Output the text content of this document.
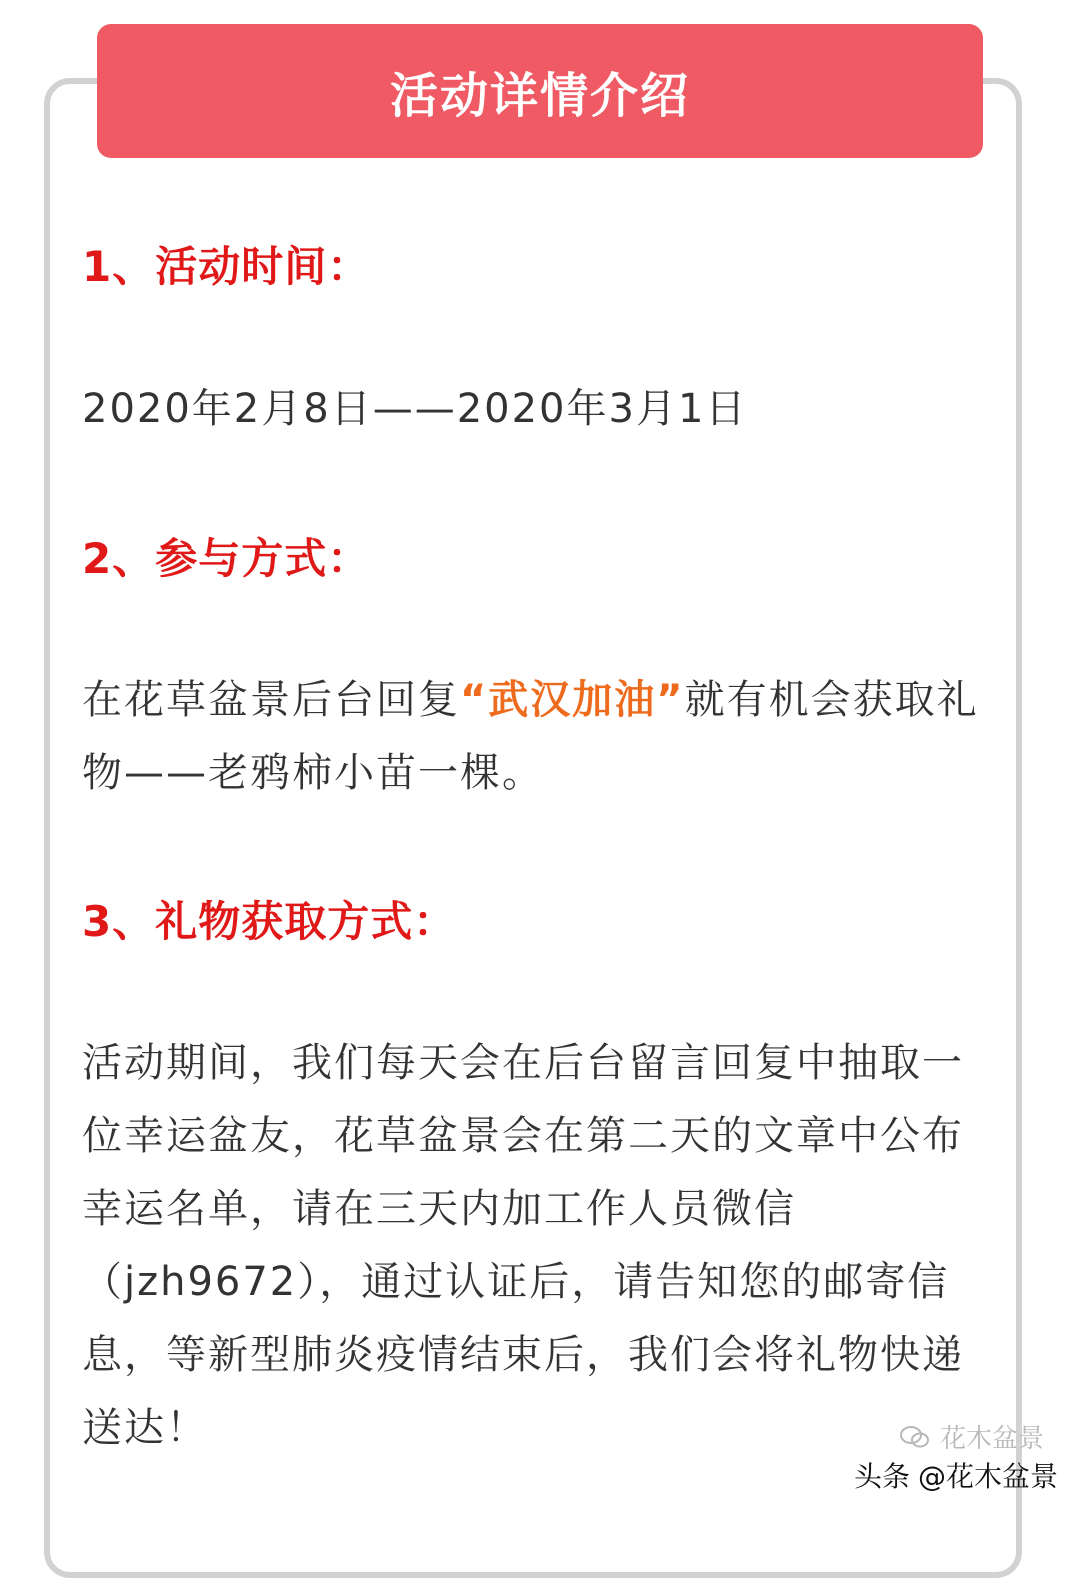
活动详情介绍
1、活动时间：
2020年2月8日——2020年3月1日
2、参与方式：
在花草盆景后台回复“武汉加油”就有机会获取礼物——老鸦柿小苗一棵。
3、礼物获取方式：
活动期间，我们每天会在后台留言回复中抽取一位幸运盆友，花草盆景会在第二天的文章中公布幸运名单，请在三天内加工作人员微信（jzh9672），通过认证后，请告知您的邮寄信息，等新型肺炎疫情结束后，我们会将礼物快递送达！	花木盆景
头条 @花木盆景
